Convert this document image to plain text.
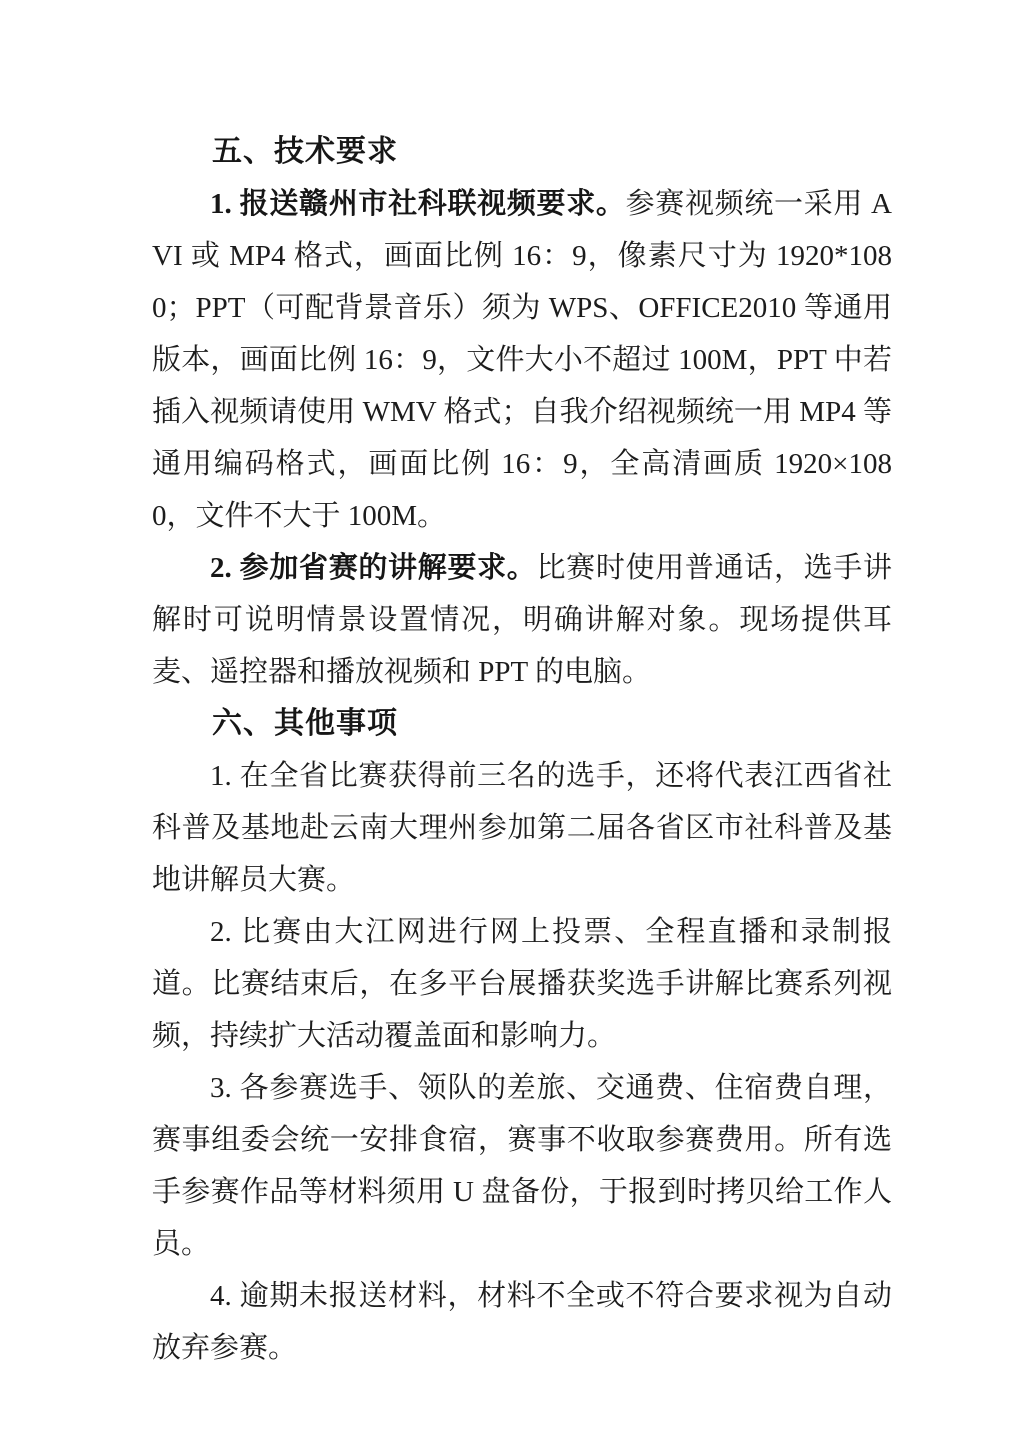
五、技术要求

1. 报送赣州市社科联视频要求。参赛视频统一采用 AVI 或 MP4 格式，画面比例 16：9，像素尺寸为 1920*1080；PPT（可配背景音乐）须为 WPS、OFFICE2010 等通用版本，画面比例 16：9，文件大小不超过 100M，PPT 中若插入视频请使用 WMV 格式；自我介绍视频统一用 MP4 等通用编码格式，画面比例 16：9，全高清画质 1920×1080，文件不大于 100M。

2. 参加省赛的讲解要求。比赛时使用普通话，选手讲解时可说明情景设置情况，明确讲解对象。现场提供耳麦、遥控器和播放视频和 PPT 的电脑。

六、其他事项

1. 在全省比赛获得前三名的选手，还将代表江西省社科普及基地赴云南大理州参加第二届各省区市社科普及基地讲解员大赛。

2. 比赛由大江网进行网上投票、全程直播和录制报道。比赛结束后，在多平台展播获奖选手讲解比赛系列视频，持续扩大活动覆盖面和影响力。

3. 各参赛选手、领队的差旅、交通费、住宿费自理，赛事组委会统一安排食宿，赛事不收取参赛费用。所有选手参赛作品等材料须用 U 盘备份，于报到时拷贝给工作人员。

4. 逾期未报送材料，材料不全或不符合要求视为自动放弃参赛。
